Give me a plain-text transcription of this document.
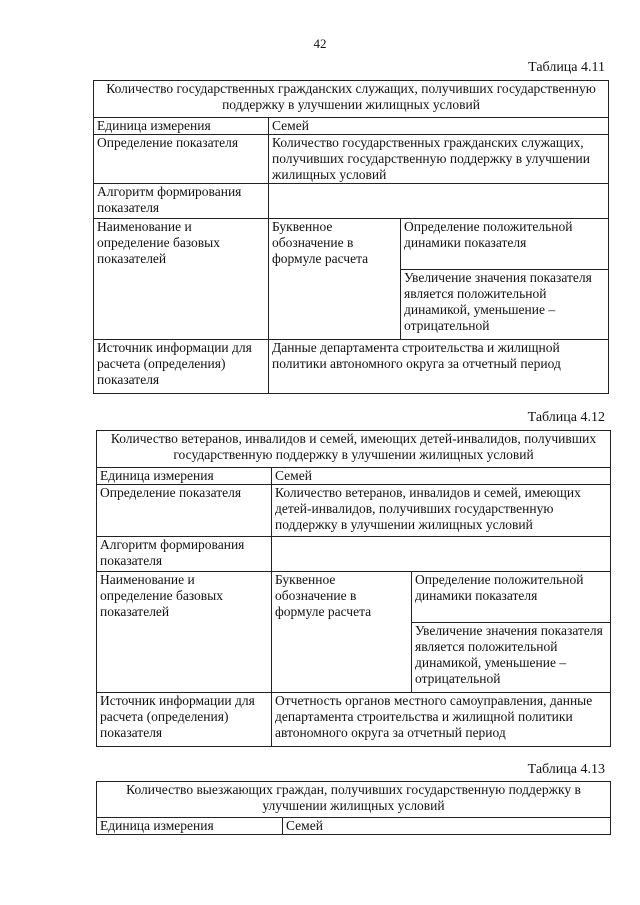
42
Таблица 4.11
Количество государственных гражданских служащих, получивших государственную поддержку в улучшении жилищных условий		
Единица измерения	Семей	
Определение показателя	Количество государственных гражданских служащих, получивших государственную поддержку в улучшении жилищных условий	
Алгоритм формирования показателя		
Наименование и определение базовых показателей	Буквенное обозначение в формуле расчета	Определение положительной динамики показателя
		Увеличение значения показателя является положительной динамикой, уменьшение – отрицательной
Источник информации для расчета (определения) показателя	Данные департамента строительства и жилищной политики автономного округа за отчетный период	
Таблица 4.12
Количество ветеранов, инвалидов и семей, имеющих детей-инвалидов, получивших государственную поддержку в улучшении жилищных условий		
Единица измерения	Семей	
Определение показателя	Количество ветеранов, инвалидов и семей, имеющих детей-инвалидов, получивших государственную поддержку в улучшении жилищных условий	
Алгоритм формирования показателя		
Наименование и определение базовых показателей	Буквенное обозначение в формуле расчета	Определение положительной динамики показателя
		Увеличение значения показателя является положительной динамикой, уменьшение – отрицательной
Источник информации для расчета (определения) показателя	Отчетность органов местного самоуправления, данные департамента строительства и жилищной политики автономного округа за отчетный период	
Таблица 4.13
Количество выезжающих граждан, получивших государственную поддержку в улучшении жилищных условий
Единица измерения	Семей
